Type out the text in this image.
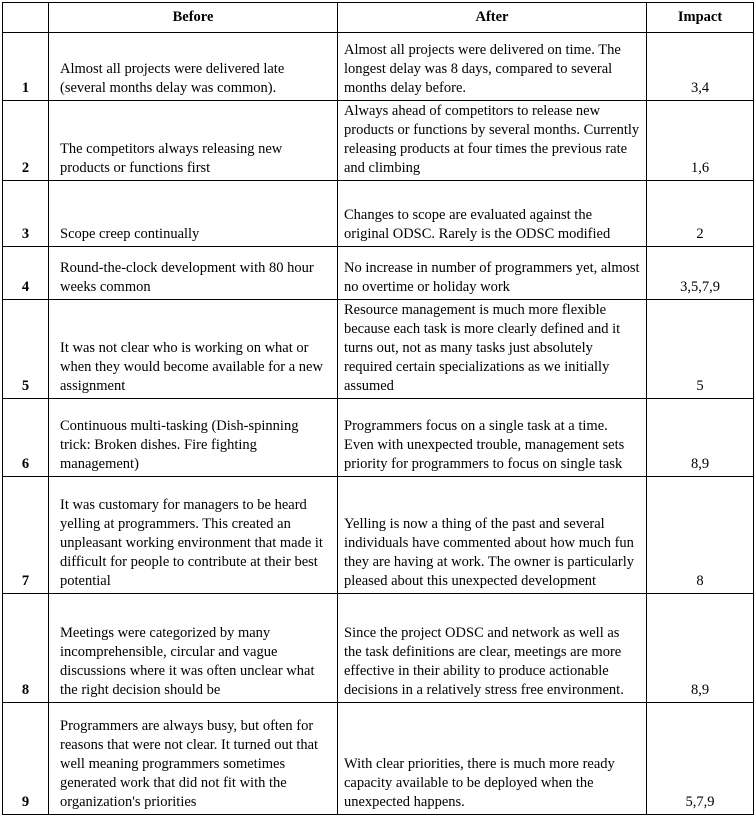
	Before	After	Impact
1	Almost all projects were delivered late (several months delay was common).	Almost all projects were delivered on time. The longest delay was 8 days, compared to several months delay before.	3,4
2	The competitors always releasing new products or functions first	Always ahead of competitors to release new products or functions by several months. Currently releasing products at four times the previous rate and climbing	1,6
3	Scope creep continually	Changes to scope are evaluated against the original ODSC. Rarely is the ODSC modified	2
4	Round-the-clock development with 80 hour weeks common	No increase in number of programmers yet, almost no overtime or holiday work	3,5,7,9
5	It was not clear who is working on what or when they would become available for a new assignment	Resource management is much more flexible because each task is more clearly defined and it turns out, not as many tasks just absolutely required certain specializations as we initially assumed	5
6	Continuous multi-tasking (Dish-spinning trick: Broken dishes. Fire fighting management)	Programmers focus on a single task at a time. Even with unexpected trouble, management sets priority for programmers to focus on single task	8,9
7	It was customary for managers to be heard yelling at programmers. This created an unpleasant working environment that made it difficult for people to contribute at their best potential	Yelling is now a thing of the past and several individuals have commented about how much fun they are having at work. The owner is particularly pleased about this unexpected development	8
8	Meetings were categorized by many incomprehensible, circular and vague discussions where it was often unclear what the right decision should be	Since the project ODSC and network as well as the task definitions are clear, meetings are more effective in their ability to produce actionable decisions in a relatively stress free environment.	8,9
9	Programmers are always busy, but often for reasons that were not clear. It turned out that well meaning programmers sometimes generated work that did not fit with the organization's priorities	With clear priorities, there is much more ready capacity available to be deployed when the unexpected happens.	5,7,9
